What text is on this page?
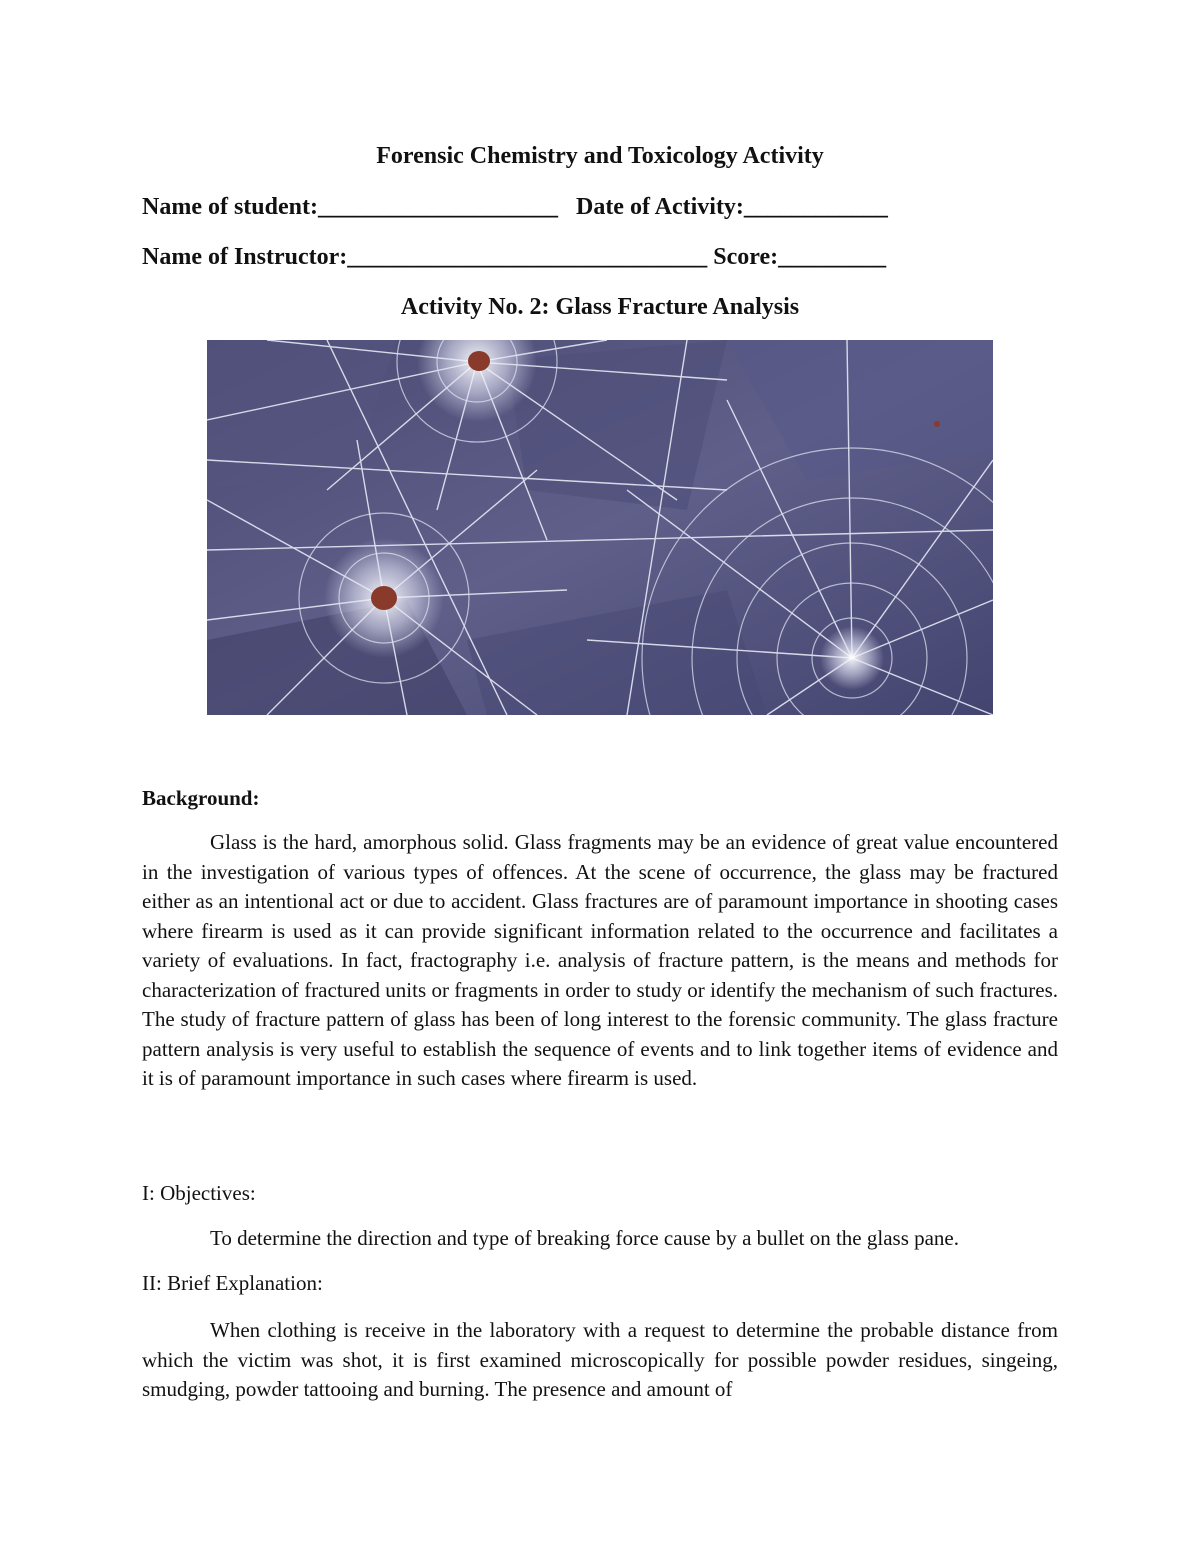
Forensic Chemistry and Toxicology Activity
Name of student:____________________   Date of Activity:____________
Name of Instructor:______________________________ Score:_________
Activity No. 2: Glass Fracture Analysis
Background:

Glass is the hard, amorphous solid. Glass fragments may be an evidence of great value encountered in the investigation of various types of offences. At the scene of occurrence, the glass may be fractured either as an intentional act or due to accident. Glass fractures are of paramount importance in shooting cases where firearm is used as it can provide significant information related to the occurrence and facilitates a variety of evaluations. In fact, fractography i.e. analysis of fracture pattern, is the means and methods for characterization of fractured units or fragments in order to study or identify the mechanism of such fractures. The study of fracture pattern of glass has been of long interest to the forensic community. The glass fracture pattern analysis is very useful to establish the sequence of events and to link together items of evidence and it is of paramount importance in such cases where firearm is used.

I: Objectives:

To determine the direction and type of breaking force cause by a bullet on the glass pane.

II: Brief Explanation:

When clothing is receive in the laboratory with a request to determine the probable distance from which the victim was shot, it is first examined microscopically for possible powder residues, singeing, smudging, powder tattooing and burning. The presence and amount of
